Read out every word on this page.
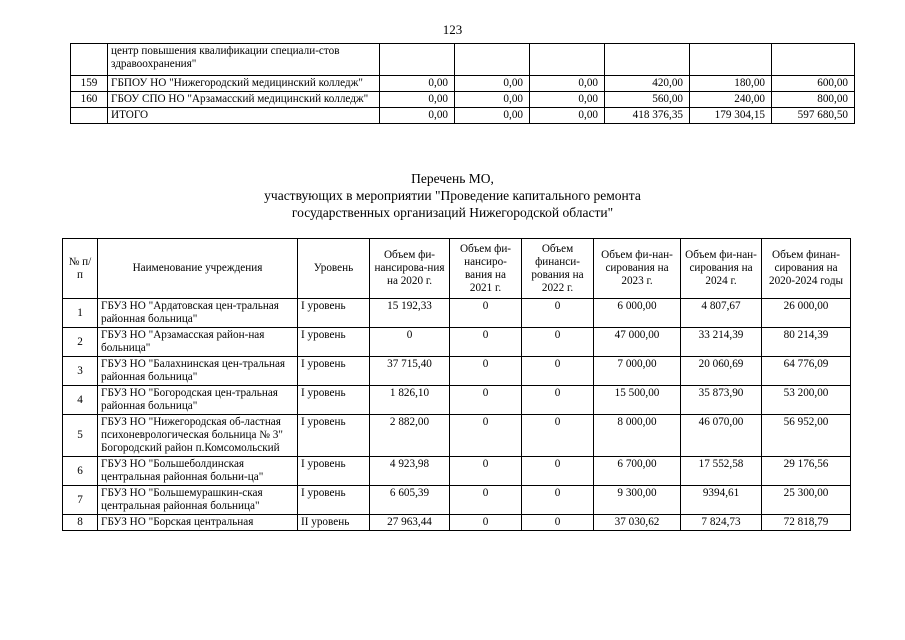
123
	центр повышения квалификации специали-стов здравоохранения"						
159	ГБПОУ НО "Нижегородский медицинский колледж"	0,00	0,00	0,00	420,00	180,00	600,00
160	ГБОУ СПО НО "Арзамасский медицинский колледж"	0,00	0,00	0,00	560,00	240,00	800,00
	ИТОГО	0,00	0,00	0,00	418 376,35	179 304,15	597 680,50
Перечень МО,
участвующих в мероприятии "Проведение капитального ремонта
государственных организаций Нижегородской области"
№ п/п	Наименование учреждения	Уровень	Объем фи-нансирова-ния на 2020 г.	Объем фи-нансиро-вания на 2021 г.	Объем финанси-рования на 2022 г.	Объем фи-нан-сирования на 2023 г.	Объем фи-нан-сирования на 2024 г.	Объем финан-сирования на 2020-2024 годы
1	ГБУЗ НО "Ардатовская цен-тральная районная больница"	I уровень	15 192,33	0	0	6 000,00	4 807,67	26 000,00
2	ГБУЗ НО "Арзамасская район-ная больница"	I уровень	0	0	0	47 000,00	33 214,39	80 214,39
3	ГБУЗ НО "Балахнинская цен-тральная районная больница"	I уровень	37 715,40	0	0	7 000,00	20 060,69	64 776,09
4	ГБУЗ НО "Богородская цен-тральная районная больница"	I уровень	1 826,10	0	0	15 500,00	35 873,90	53 200,00
5	ГБУЗ НО "Нижегородская об-ластная психоневрологическая больница № 3" Богородский район п.Комсомольский	I уровень	2 882,00	0	0	8 000,00	46 070,00	56 952,00
6	ГБУЗ НО "Большеболдинская центральная районная больни-ца"	I уровень	4 923,98	0	0	6 700,00	17 552,58	29 176,56
7	ГБУЗ НО "Большемурашкин-ская центральная районная больница"	I уровень	6 605,39	0	0	9 300,00	9394,61	25 300,00
8	ГБУЗ НО "Борская центральная	II уровень	27 963,44	0	0	37 030,62	7 824,73	72 818,79
